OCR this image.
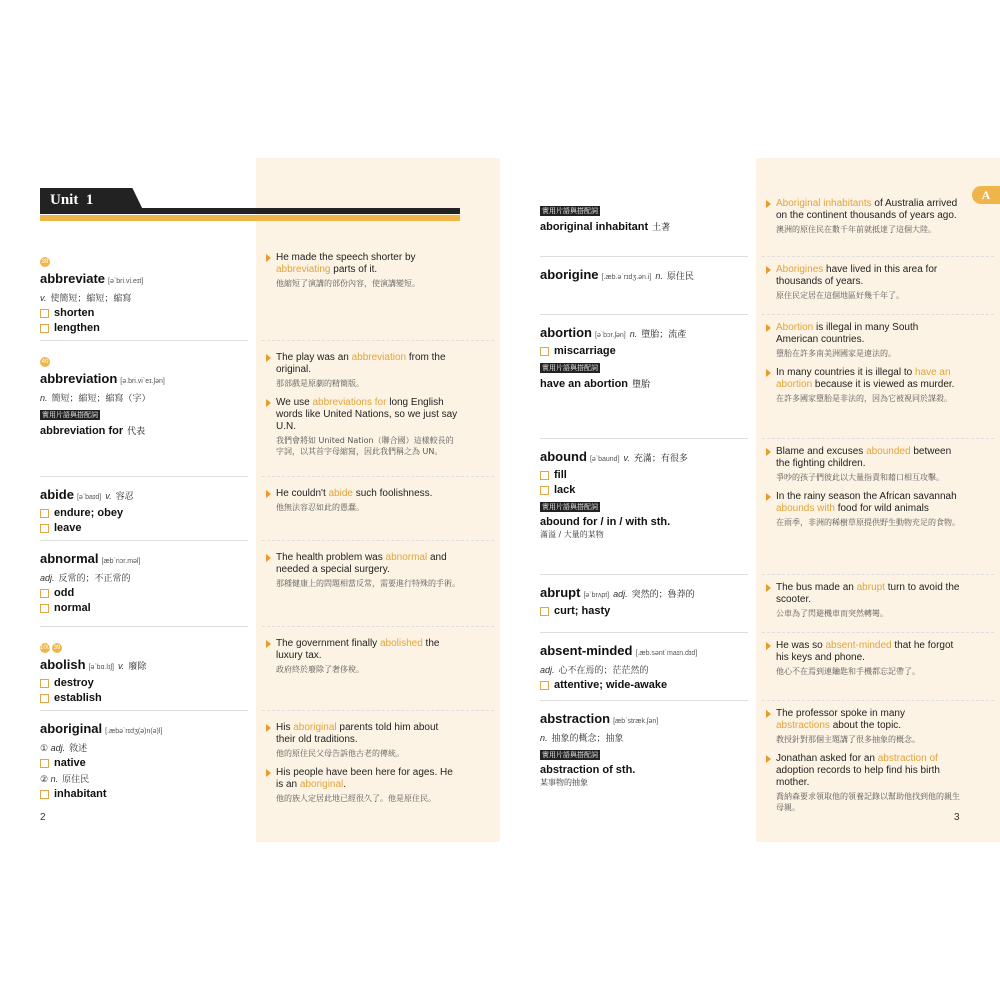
Unit 1
39
abbreviate [ə`bri.vi.eɪt]
v. 使簡短；縮短；縮寫
shorten
lengthen
40
abbreviation [ə.bri.vi`eɪ.ʃən]
n. 簡短；縮短；縮寫（字）
實用片語與搭配詞
abbreviation for 代表
abide [ə`baɪd] v. 容忍
endure; obey
leave
abnormal [æb`nɔr.məl]
adj. 反常的；不正常的
odd
normal
100 39
abolish [ə`bɑ.lɪʃ] v. 廢除
destroy
establish
aboriginal [.æbə`rɪdʒ(ə)n(ə)l]
① adj. 敘述
native
② n. 原住民
inhabitant
He made the speech shorter by abbreviating parts of it.
他縮短了演講的部份內容，使演講變短。
The play was an abbreviation from the original.
那部戲是原劇的精簡版。
We use abbreviations for long English words like United Nations, so we just say U.N.
我們會將如 United Nation（聯合國）這樣較長的字詞，以其首字母縮寫，因此我們稱之為 UN。
He couldn't abide such foolishness.
他無法容忍如此的愚蠢。
The health problem was abnormal and needed a special surgery.
那種健康上的問題相當反常，需要進行特殊的手術。
The government finally abolished the luxury tax.
政府終於廢除了奢侈稅。
His aboriginal parents told him about their old traditions.
他的原住民父母告訴他古老的傳統。
His people have been here for ages. He is an aboriginal.
他的族人定居此地已經很久了。他是原住民。
2
A
實用片語與搭配詞
aboriginal inhabitant 土著
aborigine [.æb.ə`rɪdʒ.ən.i] n. 原住民
abortion [ə`bɔr.ʃən] n. 墮胎；流產
miscarriage
實用片語與搭配詞
have an abortion 墮胎
abound [ə`baund] v. 充滿；有很多
fill
lack
實用片語與搭配詞
abound for / in / with sth.
滿溢 / 大量的某物
abrupt [ə`brʌpt] adj. 突然的；魯莽的
curt; hasty
absent-minded [.æb.sənt`maɪn.dɪd]
adj. 心不在焉的；茫茫然的
attentive; wide-awake
abstraction [æb`stræk.ʃən]
n. 抽象的概念；抽象
實用片語與搭配詞
abstraction of sth.
某事物的抽象
Aboriginal inhabitants of Australia arrived on the continent thousands of years ago.
澳洲的原住民在數千年前就抵達了這個大陸。
Aborigines have lived in this area for thousands of years.
原住民定居在這個地區好幾千年了。
Abortion is illegal in many South American countries.
墮胎在許多南美洲國家是違法的。
In many countries it is illegal to have an abortion because it is viewed as murder.
在許多國家墮胎是非法的，因為它被視同於謀殺。
Blame and excuses abounded between the fighting children.
爭吵的孩子們彼此以大量指責和藉口相互攻擊。
In the rainy season the African savannah abounds with food for wild animals
在雨季，非洲的稀樹草原提供野生動物充足的食物。
The bus made an abrupt turn to avoid the scooter.
公車為了閃避機車而突然轉彎。
He was so absent-minded that he forgot his keys and phone.
他心不在焉到連鑰匙和手機都忘記帶了。
The professor spoke in many abstractions about the topic.
教授針對那個主題講了很多抽象的概念。
Jonathan asked for an abstraction of adoption records to help find his birth mother.
喬納森要求領取他的領養記錄以幫助他找到他的親生母親。
3
